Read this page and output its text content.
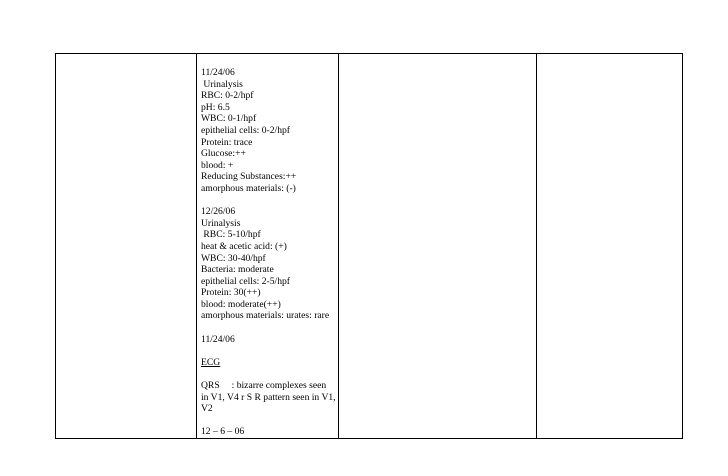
11/24/06
Urinalysis
RBC: 0-2/hpf
pH: 6.5
WBC: 0-1/hpf
epithelial cells: 0-2/hpf
Protein: trace
Glucose:++
blood: +
Reducing Substances:++
amorphous materials: (-)
12/26/06
Urinalysis
RBC: 5-10/hpf
heat & acetic acid: (+)
WBC: 30-40/hpf
Bacteria: moderate
epithelial cells: 2-5/hpf
Protein: 30(++)
blood: moderate(++)
amorphous materials: urates: rare
11/24/06
ECG
QRS     : bizarre complexes seen
in V1, V4 r S R pattern seen in V1,
V2
12 – 6 – 06
